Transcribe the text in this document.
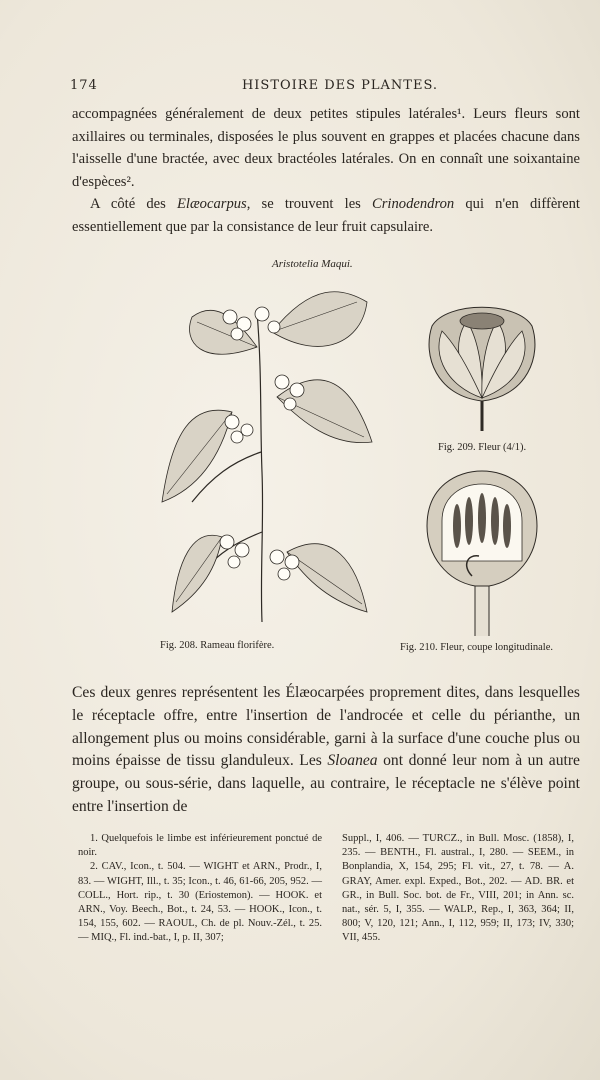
174	HISTOIRE DES PLANTES.
accompagnées généralement de deux petites stipules latérales¹. Leurs fleurs sont axillaires ou terminales, disposées le plus souvent en grappes et placées chacune dans l'aisselle d'une bractée, avec deux bractéoles latérales. On en connaît une soixantaine d'espèces².
A côté des Elæocarpus, se trouvent les Crinodendron qui n'en diffèrent essentiellement que par la consistance de leur fruit capsulaire.
Aristotelia Maqui.
Fig. 208. Rameau florifère.
Fig. 209. Fleur (4/1).
Fig. 210. Fleur, coupe longitudinale.
Ces deux genres représentent les Élæocarpées proprement dites, dans lesquelles le réceptacle offre, entre l'insertion de l'androcée et celle du périanthe, un allongement plus ou moins considérable, garni à la surface d'une couche plus ou moins épaisse de tissu glanduleux. Les Sloanea ont donné leur nom à un autre groupe, ou sous-série, dans laquelle, au contraire, le réceptacle ne s'élève point entre l'insertion de

1. Quelquefois le limbe est inférieurement ponctué de noir.

2. CAV., Icon., t. 504. — WIGHT et ARN., Prodr., I, 83. — WIGHT, Ill., t. 35; Icon., t. 46, 61-66, 205, 952. — COLL., Hort. rip., t. 30 (Eriostemon). — HOOK. et ARN., Voy. Beech., Bot., t. 24, 53. — HOOK., Icon., t. 154, 155, 602. — RAOUL, Ch. de pl. Nouv.-Zél., t. 25. — MIQ., Fl. ind.-bat., I, p. II, 307;

Suppl., I, 406. — TURCZ., in Bull. Mosc. (1858), I, 235. — BENTH., Fl. austral., I, 280. — SEEM., in Bonplandia, X, 154, 295; Fl. vit., 27, t. 78. — A. GRAY, Amer. expl. Exped., Bot., 202. — AD. BR. et GR., in Bull. Soc. bot. de Fr., VIII, 201; in Ann. sc. nat., sér. 5, I, 355. — WALP., Rep., I, 363, 364; II, 800; V, 120, 121; Ann., I, 112, 959; II, 173; IV, 330; VII, 455.
